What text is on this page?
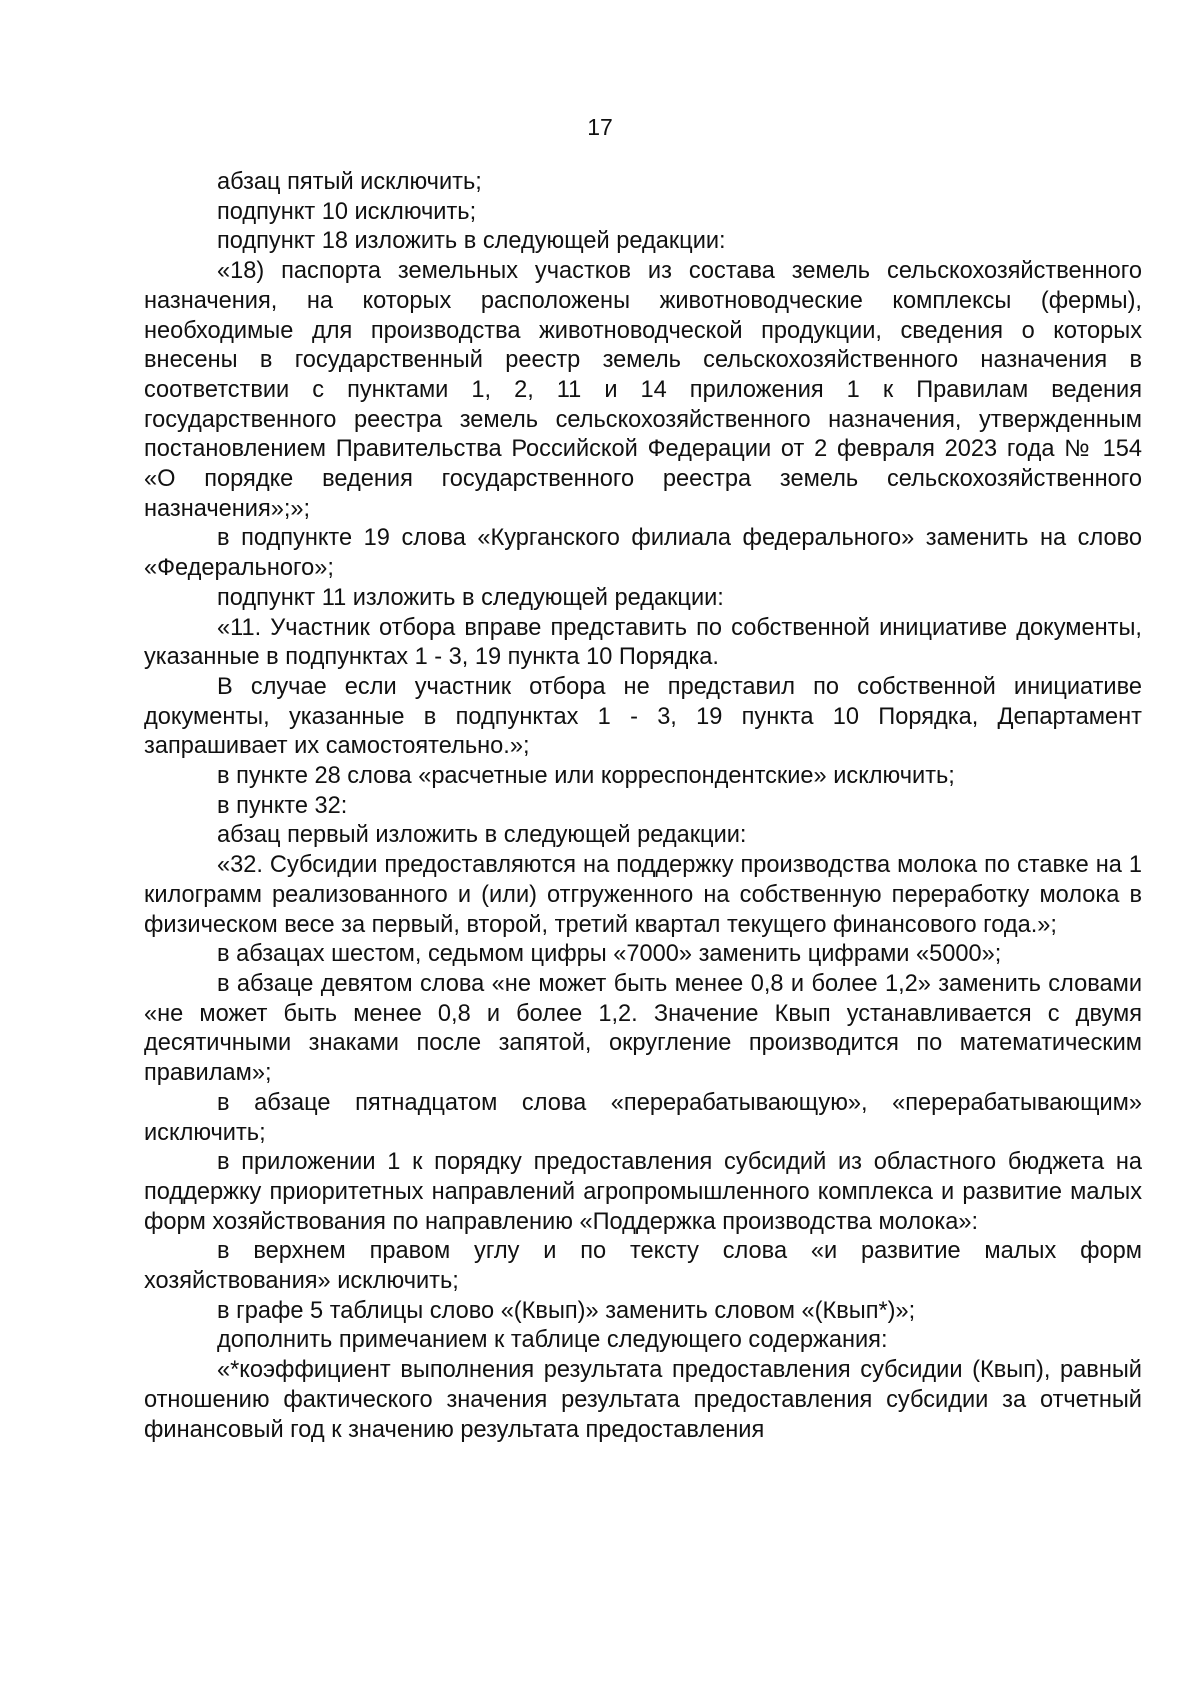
17

абзац пятый исключить;

подпункт 10 исключить;

подпункт 18 изложить в следующей редакции:

«18) паспорта земельных участков из состава земель сельскохозяйственного назначения, на которых расположены животноводческие комплексы (фермы), необходимые для производства животноводческой продукции, сведения о которых внесены в государственный реестр земель сельскохозяйственного назначения в соответствии с пунктами 1, 2, 11 и 14 приложения 1 к Правилам ведения государственного реестра земель сельскохозяйственного назначения, утвержденным постановлением Правительства Российской Федерации от 2 февраля 2023 года № 154 «О порядке ведения государственного реестра земель сельскохозяйственного назначения»;»;

в подпункте 19 слова «Курганского филиала федерального» заменить на слово «Федерального»;

подпункт 11 изложить в следующей редакции:

«11. Участник отбора вправе представить по собственной инициативе документы, указанные в подпунктах 1 - 3, 19 пункта 10 Порядка.

В случае если участник отбора не представил по собственной инициативе документы, указанные в подпунктах 1 - 3, 19 пункта 10 Порядка, Департамент запрашивает их самостоятельно.»;

в пункте 28 слова «расчетные или корреспондентские» исключить;

в пункте 32:

абзац первый изложить в следующей редакции:

«32. Субсидии предоставляются на поддержку производства молока по ставке на 1 килограмм реализованного и (или) отгруженного на собственную переработку молока в физическом весе за первый, второй, третий квартал текущего финансового года.»;

в абзацах шестом, седьмом цифры «7000» заменить цифрами «5000»;

в абзаце девятом слова «не может быть менее 0,8 и более 1,2» заменить словами «не может быть менее 0,8 и более 1,2. Значение Квып устанавливается с двумя десятичными знаками после запятой, округление производится по математическим правилам»;

в абзаце пятнадцатом слова «перерабатывающую», «перерабатывающим» исключить;

в приложении 1 к порядку предоставления субсидий из областного бюджета на поддержку приоритетных направлений агропромышленного комплекса и развитие малых форм хозяйствования по направлению «Поддержка производства молока»:

в верхнем правом углу и по тексту слова «и развитие малых форм хозяйствования» исключить;

в графе 5 таблицы слово «(Квып)» заменить словом «(Квып*)»;

дополнить примечанием к таблице следующего содержания:

«*коэффициент выполнения результата предоставления субсидии (Квып), равный отношению фактического значения результата предоставления субсидии за отчетный финансовый год к значению результата предоставления
